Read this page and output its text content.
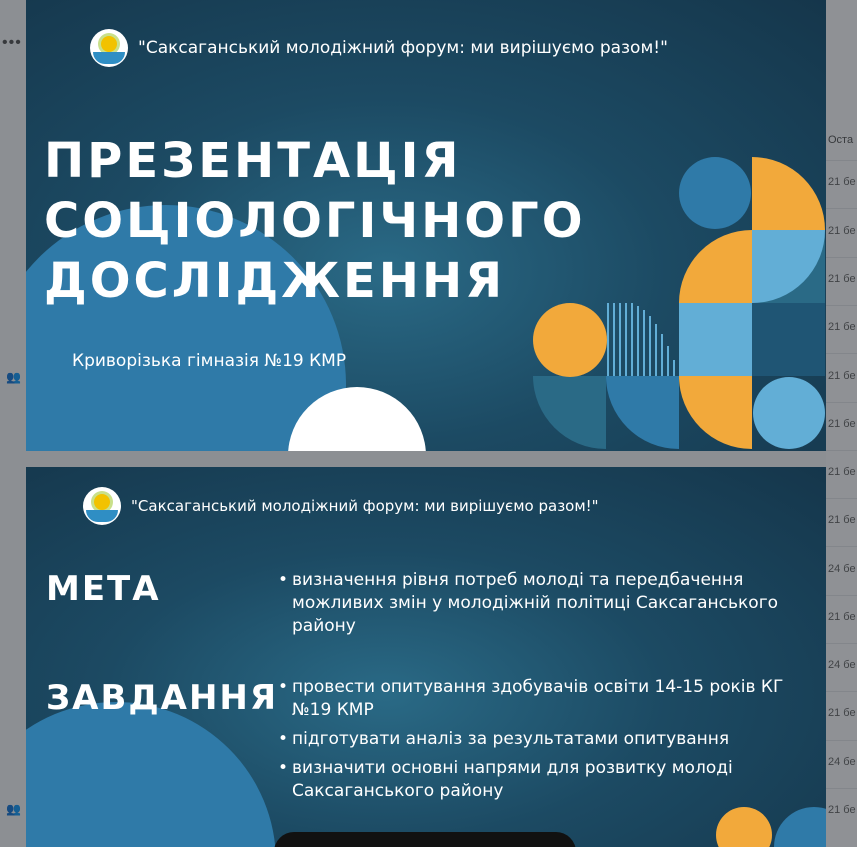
•••
👥
👥
Оста
21 бе
21 бе
21 бе
21 бе
21 бе
21 бе
21 бе
21 бе
24 бе
21 бе
24 бе
21 бе
24 бе
21 бе
"Саксаганський молодіжний форум: ми вирішуємо разом!"
ПРЕЗЕНТАЦІЯ
СОЦІОЛОГІЧНОГО
ДОСЛІДЖЕННЯ
Криворізька гімназія №19 КМР
"Саксаганський молодіжний форум: ми вирішуємо разом!"
МЕТА	• визначення рівня потреб молоді та передбачення можливих змін у молодіжній політиці Саксаганського району
ЗАВДАННЯ • провести опитування здобувачів освіти 14-15 років КГ №19 КМР
• підготувати аналіз за результатами опитування
• визначити основні напрями для розвитку молоді Саксаганського району
